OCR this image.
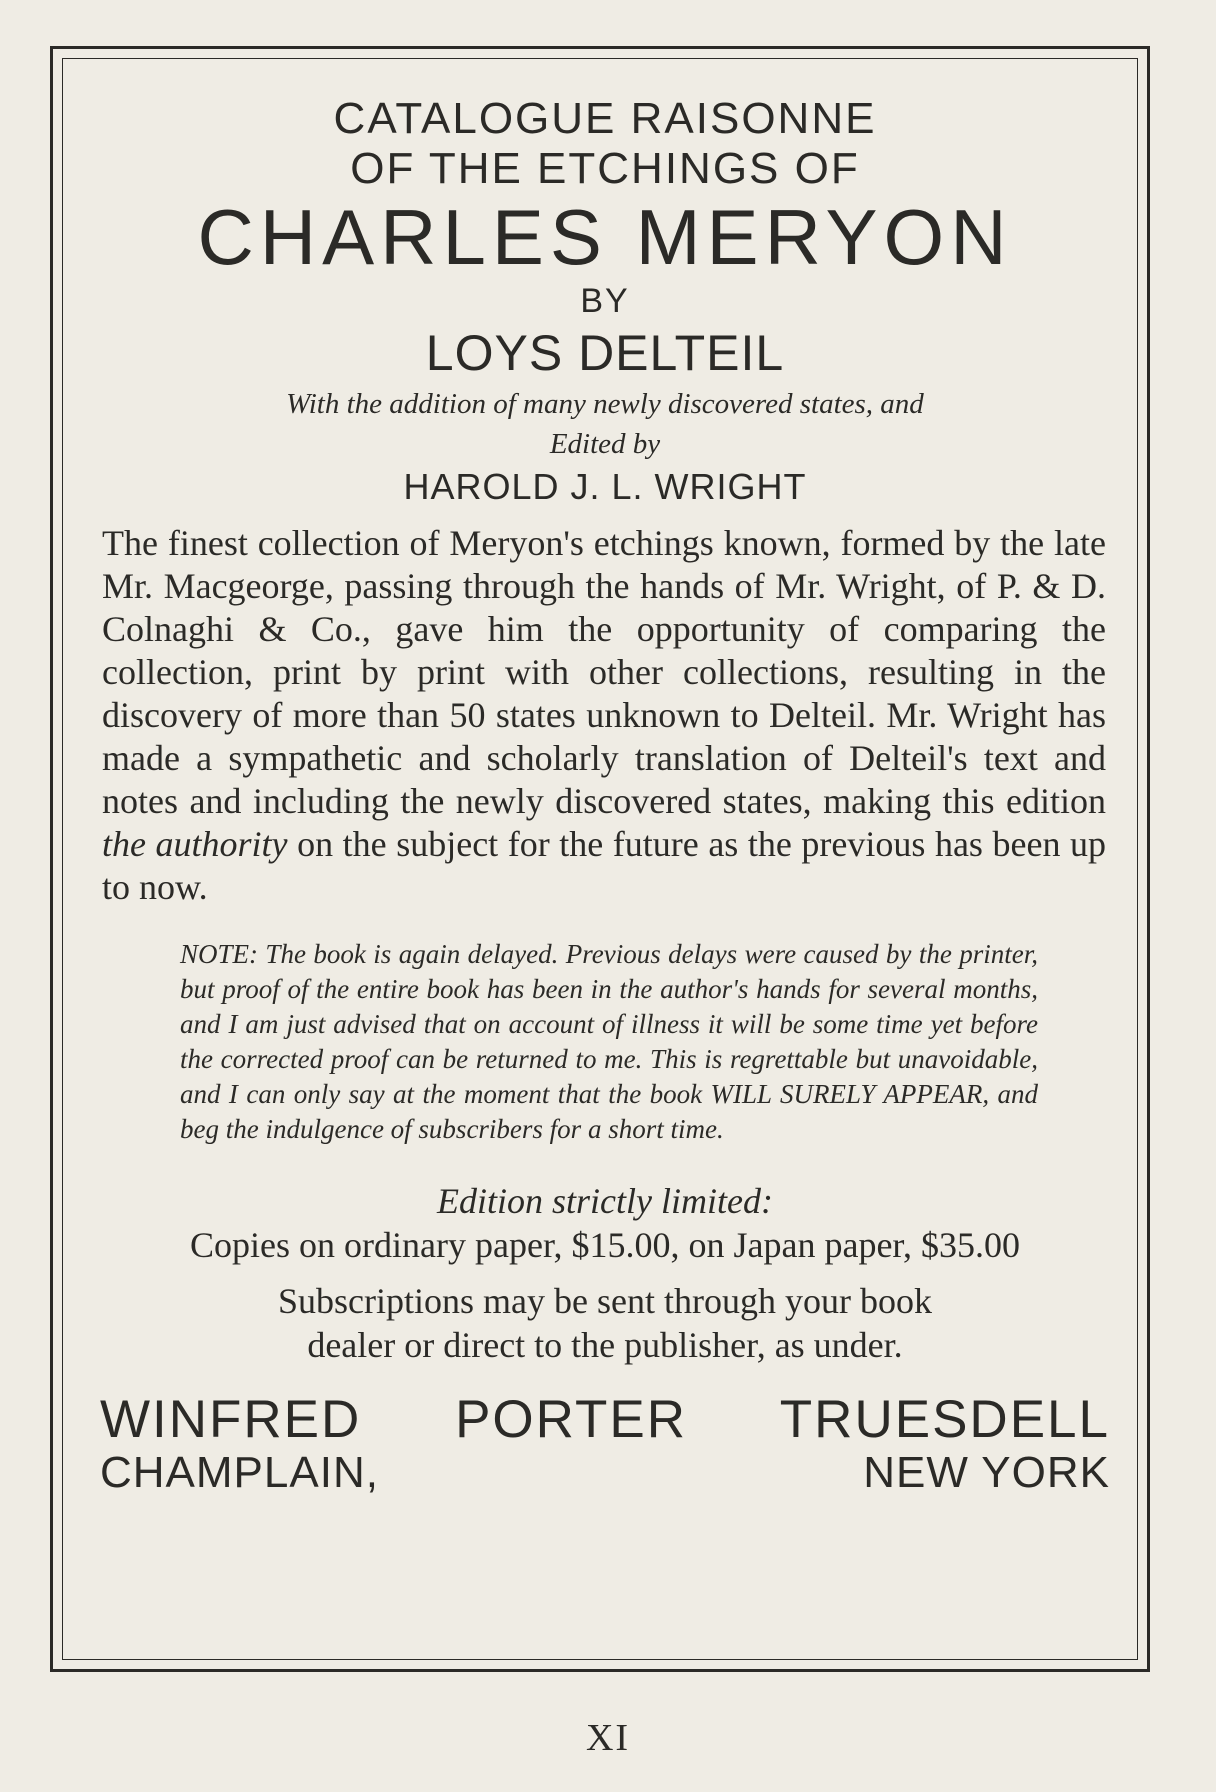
CATALOGUE RAISONNE

OF THE ETCHINGS OF

CHARLES MERYON

BY

LOYS DELTEIL

With the addition of many newly discovered states, and

Edited by

HAROLD J. L. WRIGHT

The finest collection of Meryon's etchings known, formed by the late Mr. Macgeorge, passing through the hands of Mr. Wright, of P. & D. Colnaghi & Co., gave him the opportunity of comparing the collection, print by print with other collections, resulting in the discovery of more than 50 states unknown to Delteil. Mr. Wright has made a sympathetic and scholarly translation of Delteil's text and notes and including the newly discovered states, making this edition the authority on the subject for the future as the previous has been up to now.

NOTE: The book is again delayed. Previous delays were caused by the printer, but proof of the entire book has been in the author's hands for several months, and I am just advised that on account of illness it will be some time yet before the corrected proof can be returned to me. This is regrettable but unavoidable, and I can only say at the moment that the book WILL SURELY APPEAR, and beg the indulgence of subscribers for a short time.

Edition strictly limited:

Copies on ordinary paper, $15.00, on Japan paper, $35.00

Subscriptions may be sent through your book

dealer or direct to the publisher, as under.

WINFRED PORTER TRUESDELL

CHAMPLAIN,	NEW YORK
XI
